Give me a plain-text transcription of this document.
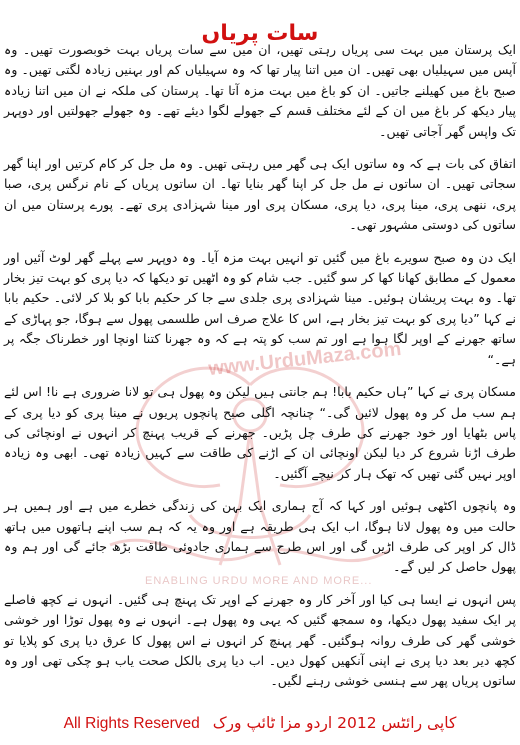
www.UrduMaza.com
ENABLING URDU MORE AND MORE...
سات پریاں

ایک پرستان میں بہت سی پریاں رہتی تھیں، ان میں سے سات پریاں بہت خوبصورت تھیں۔ وہ آپس میں سہیلیاں بھی تھیں۔ ان میں اتنا پیار تھا کہ وہ سہیلیاں کم اور بہنیں زیادہ لگتی تھیں۔ وہ صبح باغ میں کھیلنے جاتیں۔ ان کو باغ میں بہت مزہ آتا تھا۔ پرستان کی ملکہ نے ان میں اتنا زیادہ پیار دیکھ کر باغ میں ان کے لئے مختلف قسم کے جھولے لگوا دیئے تھے۔ وہ جھولے جھولتیں اور دوپہر تک واپس گھر آجاتی تھیں۔

اتفاق کی بات ہے کہ وہ ساتوں ایک ہی گھر میں رہتی تھیں۔ وہ مل جل کر کام کرتیں اور اپنا گھر سجاتی تھیں۔ ان ساتوں نے مل جل کر اپنا گھر بنایا تھا۔ ان ساتوں پریاں کے نام نرگس پری، صبا پری، ننھی پری، مینا پری، دیا پری، مسکان پری اور مینا شہزادی پری تھے۔ پورے پرستان میں ان ساتوں کی دوستی مشہور تھی۔

ایک دن وہ صبح سویرے باغ میں گئیں تو انہیں بہت مزہ آیا۔ وہ دوپہر سے پہلے گھر لوٹ آئیں اور معمول کے مطابق کھانا کھا کر سو گئیں۔ جب شام کو وہ اٹھیں تو دیکھا کہ دیا پری کو بہت تیز بخار تھا۔ وہ بہت پریشان ہوئیں۔ مینا شہزادی پری جلدی سے جا کر حکیم بابا کو بلا کر لائی۔ حکیم بابا نے کہا ”دیا پری کو بہت تیز بخار ہے، اس کا علاج صرف اس طلسمی پھول سے ہوگا، جو پہاڑی کے ساتھ جھرنے کے اوپر لگا ہوا ہے اور تم سب کو پتہ ہے کہ وہ جھرنا کتنا اونچا اور خطرناک جگہ پر ہے۔“

مسکان پری نے کہا ”ہاں حکیم بابا! ہم جانتی ہیں لیکن وہ پھول ہی تو لانا ضروری ہے نا! اس لئے ہم سب مل کر وہ پھول لائیں گی۔“ چنانچہ اگلی صبح پانچوں پریوں نے مینا پری کو دیا پری کے پاس بٹھایا اور خود جھرنے کی طرف چل پڑیں۔ جھرنے کے قریب پہنچ کر انہوں نے اونچائی کی طرف اڑنا شروع کر دیا لیکن اونچائی ان کے اڑنے کی طاقت سے کہیں زیادہ تھی۔ ابھی وہ زیادہ اوپر نہیں گئی تھیں کہ تھک ہار کر نیچے آگئیں۔

وہ پانچوں اکٹھی ہوئیں اور کہا کہ آج ہماری ایک بہن کی زندگی خطرے میں ہے اور ہمیں ہر حالت میں وہ پھول لانا ہوگا، اب ایک ہی طریقہ ہے اور وہ یہ کہ ہم سب اپنے ہاتھوں میں ہاتھ ڈال کر اوپر کی طرف اڑیں گی اور اس طرح سے ہماری جادوئی طاقت بڑھ جائے گی اور ہم وہ پھول حاصل کر لیں گے۔

پس انہوں نے ایسا ہی کیا اور آخر کار وہ جھرنے کے اوپر تک پہنچ ہی گئیں۔ انہوں نے کچھ فاصلے پر ایک سفید پھول دیکھا، وہ سمجھ گئیں کہ یہی وہ پھول ہے۔ انہوں نے وہ پھول توڑا اور خوشی خوشی گھر کی طرف روانہ ہوگئیں۔ گھر پہنچ کر انہوں نے اس پھول کا عرق دیا پری کو پلایا تو کچھ دیر بعد دیا پری نے اپنی آنکھیں کھول دیں۔ اب دیا پری بالکل صحت یاب ہو چکی تھی اور وہ ساتوں پریاں پھر سے ہنسی خوشی رہنے لگیں۔

All Rights Reserved کاپی رائٹس 2012 اردو مزا ٹائپ ورک
